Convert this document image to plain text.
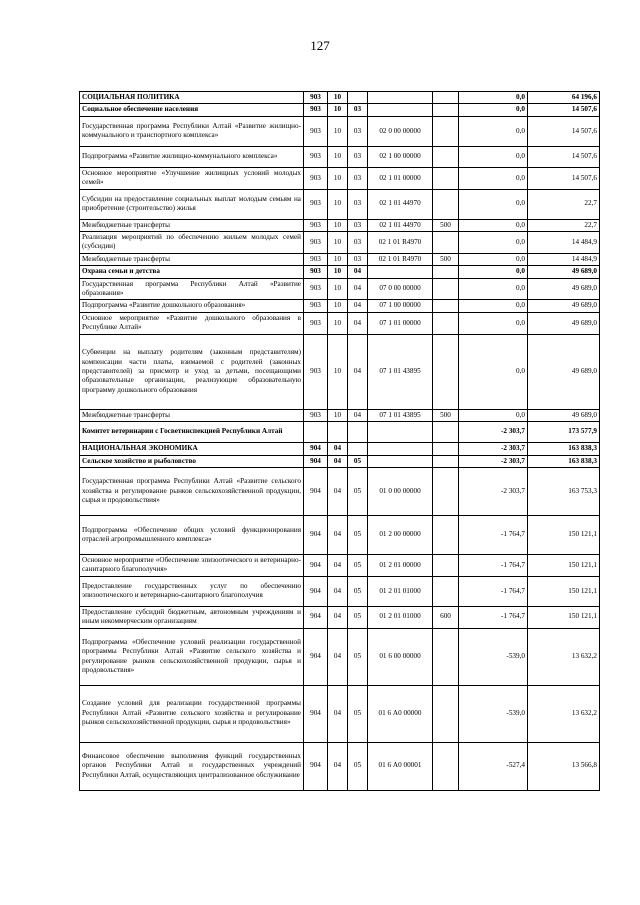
127
СОЦИАЛЬНАЯ ПОЛИТИКА	903	10				0,0	64 196,6
Социальное обеспечение населения	903	10	03			0,0	14 507,6
Государственная программа Республики Алтай «Развитие жилищно-коммунального и транспортного комплекса»	903	10	03	02 0 00 00000		0,0	14 507,6
Подпрограмма «Развитие жилищно-коммунального комплекса»	903	10	03	02 1 00 00000		0,0	14 507,6
Основное мероприятие «Улучшение жилищных условий молодых семей»	903	10	03	02 1 01 00000		0,0	14 507,6
Субсидии на предоставление социальных выплат молодым семьям на приобретение (строительство) жилья	903	10	03	02 1 01 44970		0,0	22,7
Межбюджетные трансферты	903	10	03	02 1 01 44970	500	0,0	22,7
Реализация мероприятий по обеспечению жильем молодых семей (субсидии)	903	10	03	02 1 01 R4970		0,0	14 484,9
Межбюджетные трансферты	903	10	03	02 1 01 R4970	500	0,0	14 484,9
Охрана семьи и детства	903	10	04			0,0	49 689,0
Государственная программа Республики Алтай «Развитие образования»	903	10	04	07 0 00 00000		0,0	49 689,0
Подпрограмма «Развитие дошкольного образования»	903	10	04	07 1 00 00000		0,0	49 689,0
Основное мероприятие «Развитие дошкольного образования в Республике Алтай»	903	10	04	07 1 01 00000		0,0	49 689,0
Субвенции на выплату родителям (законным представителям) компенсации части платы, взимаемой с родителей (законных представителей) за присмотр и уход за детьми, посещающими образовательные организации, реализующие образовательную программу дошкольного образования	903	10	04	07 1 01 43895		0,0	49 689,0
Межбюджетные трансферты	903	10	04	07 1 01 43895	500	0,0	49 689,0
Комитет ветеринарии с Госветинспекцией Республики Алтай						-2 303,7	173 577,9
НАЦИОНАЛЬНАЯ ЭКОНОМИКА	904	04				-2 303,7	163 838,3
Сельское хозяйство и рыболовство	904	04	05			-2 303,7	163 838,3
Государственная программа Республики Алтай «Развитие сельского хозяйства и регулирование рынков сельскохозяйственной продукции, сырья и продовольствия»	904	04	05	01 0 00 00000		-2 303,7	163 753,3
Подпрограмма «Обеспечение общих условий функционирования отраслей агропромышленного комплекса»	904	04	05	01 2 00 00000		-1 764,7	150 121,1
Основное мероприятие «Обеспечение эпизоотического и ветеринарно-санитарного благополучия»	904	04	05	01 2 01 00000		-1 764,7	150 121,1
Предоставление государственных услуг по обеспечению эпизоотического и ветеринарно-санитарного благополучия	904	04	05	01 2 01 01000		-1 764,7	150 121,1
Предоставление субсидий бюджетным, автономным учреждениям и иным некоммерческим организациям	904	04	05	01 2 01 01000	600	-1 764,7	150 121,1
Подпрограмма «Обеспечение условий реализации государственной программы Республики Алтай «Развитие сельского хозяйства и регулирование рынков сельскохозяйственной продукции, сырья и продовольствия»	904	04	05	01 6 00 00000		-539,0	13 632,2
Создание условий для реализации государственной программы Республики Алтай «Развитие сельского хозяйства и регулирование рынков сельскохозяйственной продукции, сырья и продовольствия»	904	04	05	01 6 А0 00000		-539,0	13 632,2
Финансовое обеспечение выполнения функций государственных органов Республики Алтай и государственных учреждений Республики Алтай, осуществляющих централизованное обслуживание	904	04	05	01 6 А0 00001		-527,4	13 566,8
